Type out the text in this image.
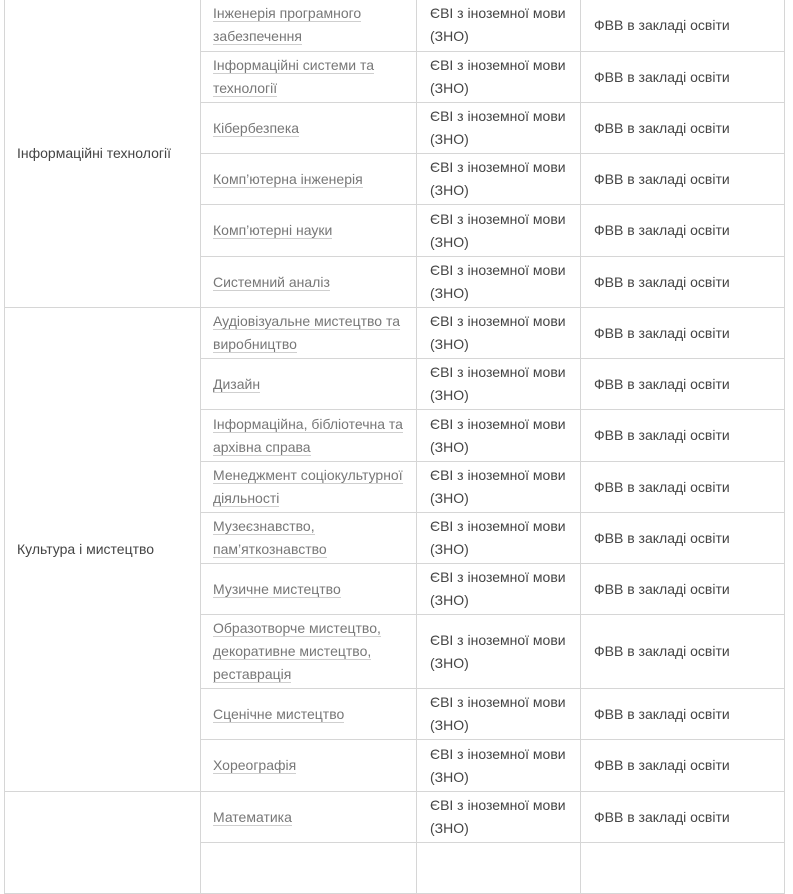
Інформаційні технології	Інженерія програмного забезпечення	ЄВІ з іноземної мови (ЗНО)	ФВВ в закладі освіти
	Інформаційні системи та технології	ЄВІ з іноземної мови (ЗНО)	ФВВ в закладі освіти
	Кібербезпека	ЄВІ з іноземної мови (ЗНО)	ФВВ в закладі освіти
	Комп’ютерна інженерія	ЄВІ з іноземної мови (ЗНО)	ФВВ в закладі освіти
	Комп’ютерні науки	ЄВІ з іноземної мови (ЗНО)	ФВВ в закладі освіти
	Системний аналіз	ЄВІ з іноземної мови (ЗНО)	ФВВ в закладі освіти
Культура і мистецтво	Аудіовізуальне мистецтво та виробництво	ЄВІ з іноземної мови (ЗНО)	ФВВ в закладі освіти
	Дизайн	ЄВІ з іноземної мови (ЗНО)	ФВВ в закладі освіти
	Інформаційна, бібліотечна та архівна справа	ЄВІ з іноземної мови (ЗНО)	ФВВ в закладі освіти
	Менеджмент соціокультурної діяльності	ЄВІ з іноземної мови (ЗНО)	ФВВ в закладі освіти
	Музеєзнавство, пам’яткознавство	ЄВІ з іноземної мови (ЗНО)	ФВВ в закладі освіти
	Музичне мистецтво	ЄВІ з іноземної мови (ЗНО)	ФВВ в закладі освіти
	Образотворче мистецтво, декоративне мистецтво, реставрація	ЄВІ з іноземної мови (ЗНО)	ФВВ в закладі освіти
	Сценічне мистецтво	ЄВІ з іноземної мови (ЗНО)	ФВВ в закладі освіти
	Хореографія	ЄВІ з іноземної мови (ЗНО)	ФВВ в закладі освіти
	Математика	ЄВІ з іноземної мови (ЗНО)	ФВВ в закладі освіти
